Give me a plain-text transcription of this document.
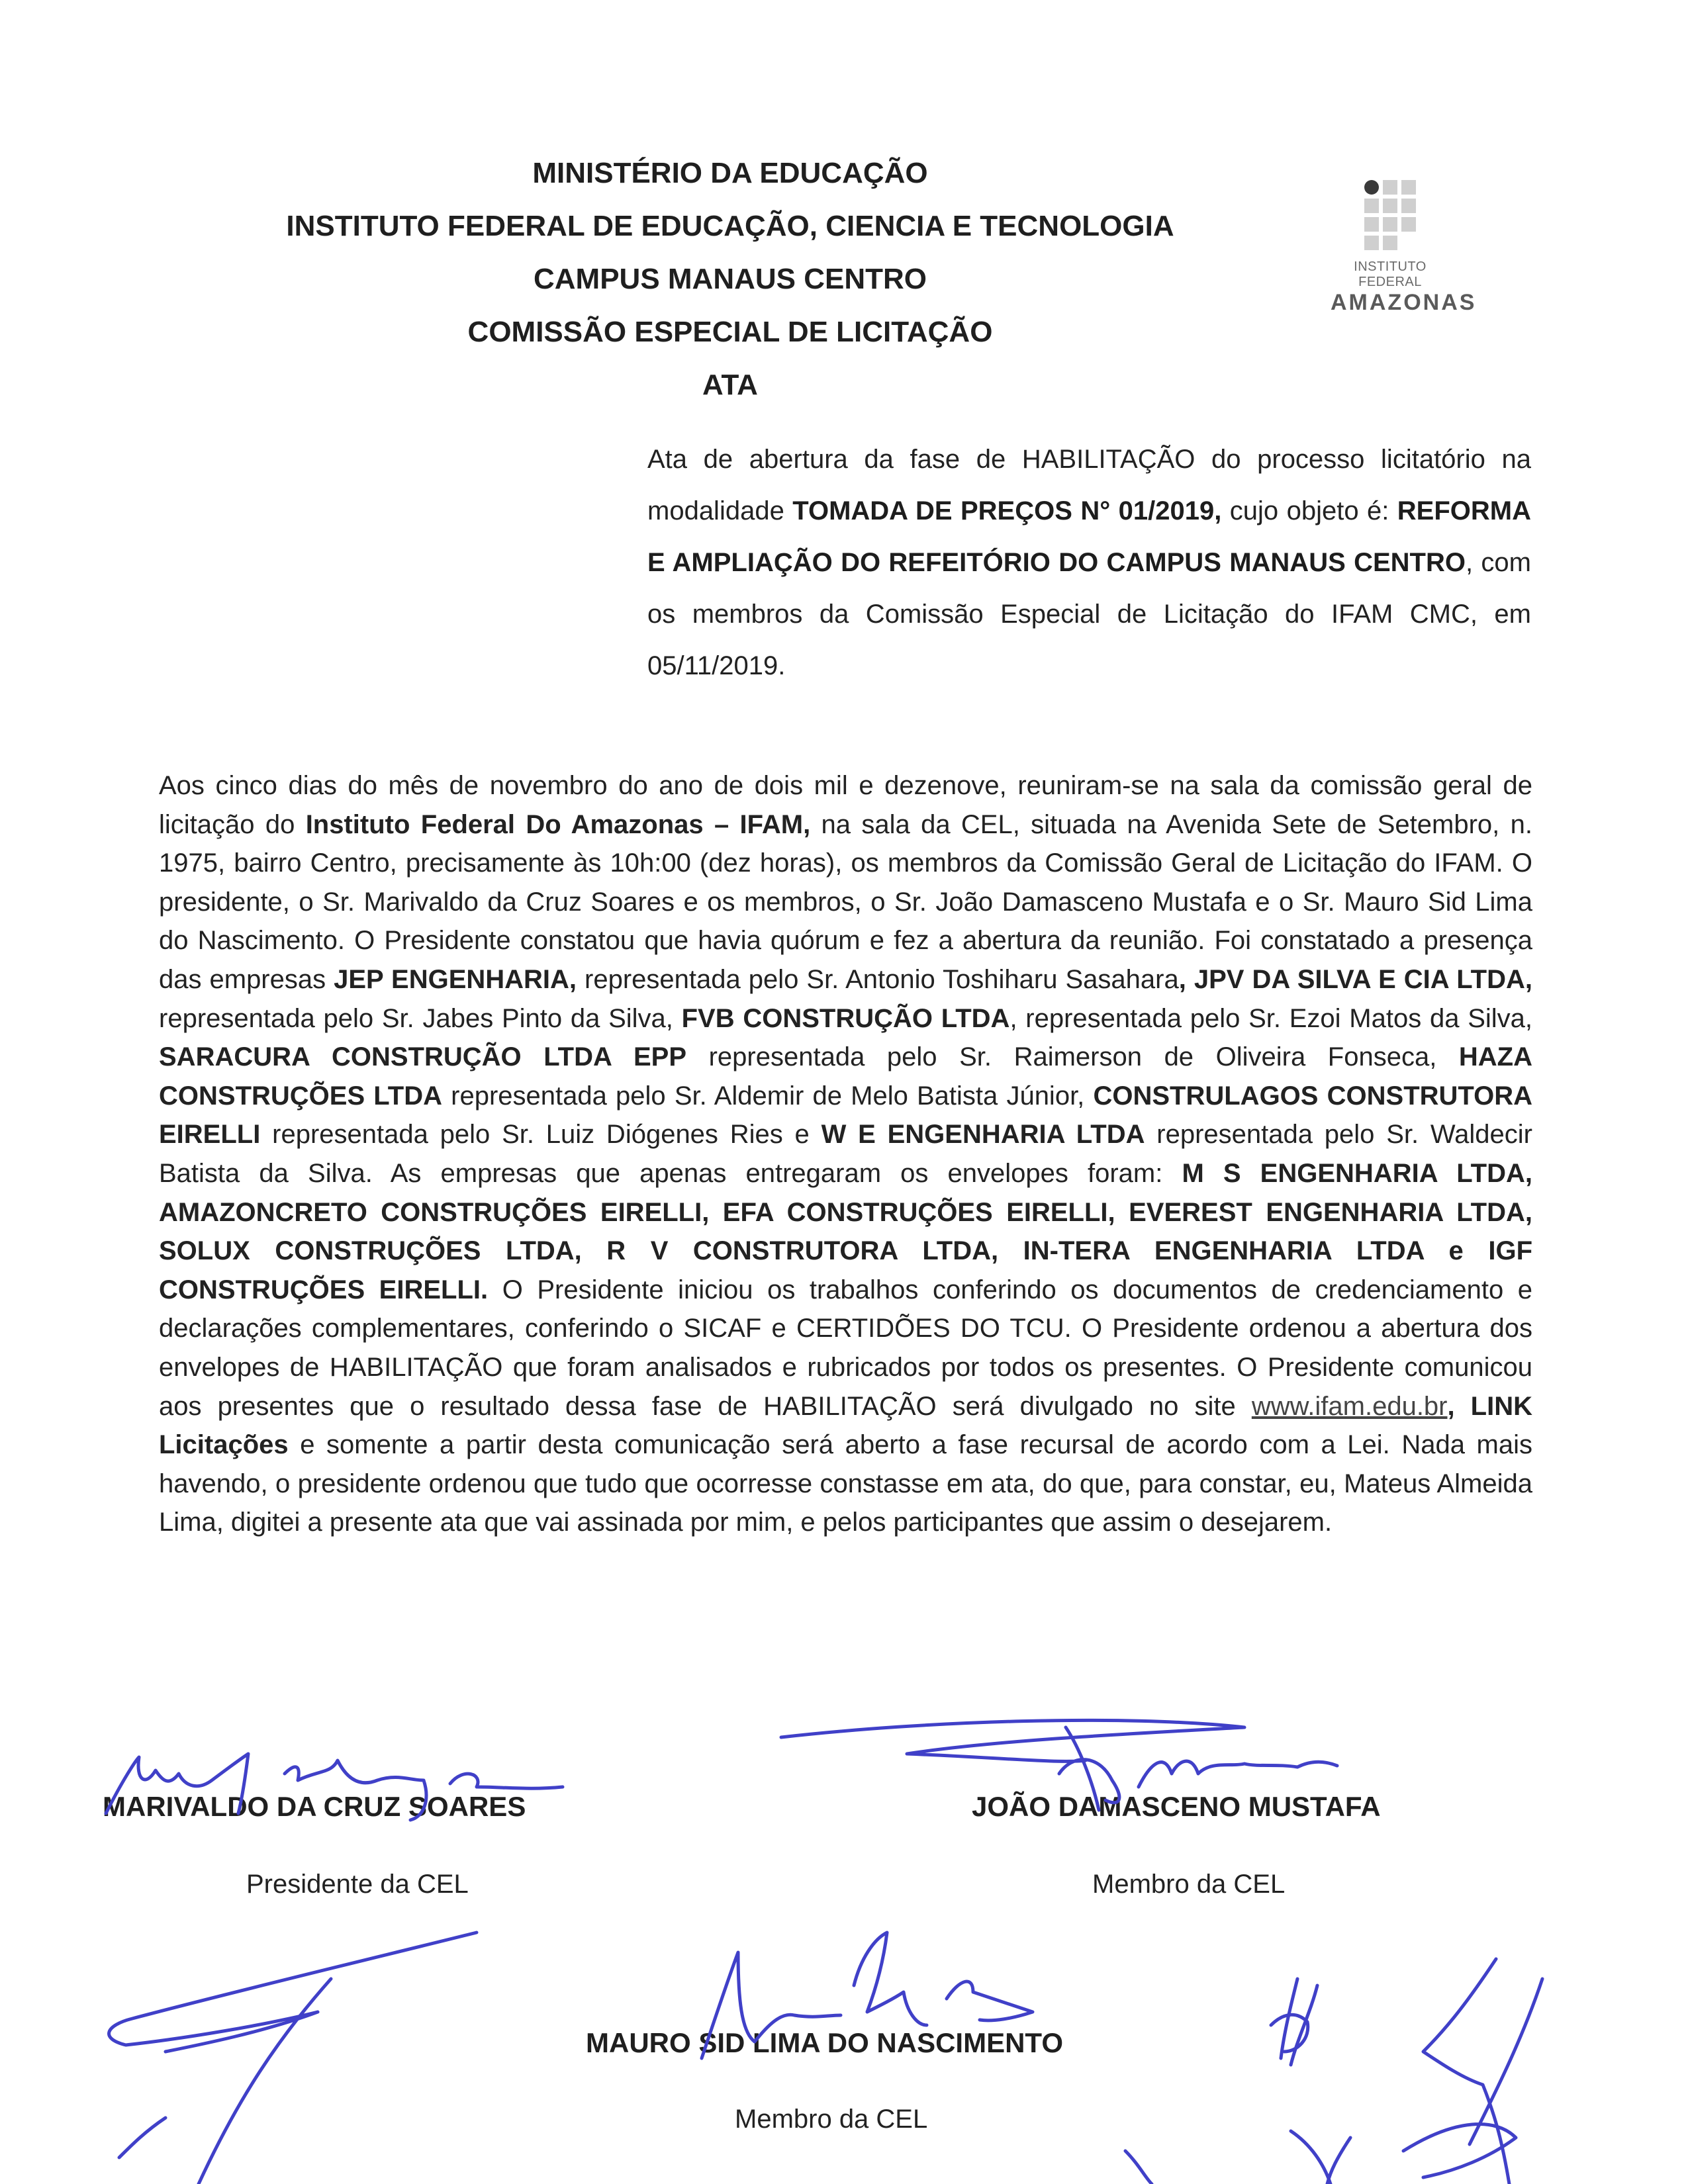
MINISTÉRIO DA EDUCAÇÃO
INSTITUTO FEDERAL DE EDUCAÇÃO, CIENCIA E TECNOLOGIA
CAMPUS MANAUS CENTRO
COMISSÃO ESPECIAL DE LICITAÇÃO
ATA
INSTITUTO FEDERAL
AMAZONAS
Ata de abertura da fase de HABILITAÇÃO do processo licitatório na modalidade TOMADA DE PREÇOS N° 01/2019, cujo objeto é: REFORMA E AMPLIAÇÃO DO REFEITÓRIO DO CAMPUS MANAUS CENTRO, com os membros da Comissão Especial de Licitação do IFAM CMC, em 05/11/2019.
Aos cinco dias do mês de novembro do ano de dois mil e dezenove, reuniram-se na sala da comissão geral de licitação do Instituto Federal Do Amazonas – IFAM, na sala da CEL, situada na Avenida Sete de Setembro, n. 1975, bairro Centro, precisamente às 10h:00 (dez horas), os membros da Comissão Geral de Licitação do IFAM. O presidente, o Sr. Marivaldo da Cruz Soares e os membros, o Sr. João Damasceno Mustafa e o Sr. Mauro Sid Lima do Nascimento. O Presidente constatou que havia quórum e fez a abertura da reunião. Foi constatado a presença das empresas JEP ENGENHARIA, representada pelo Sr. Antonio Toshiharu Sasahara, JPV DA SILVA E CIA LTDA, representada pelo Sr. Jabes Pinto da Silva, FVB CONSTRUÇÃO LTDA, representada pelo Sr. Ezoi Matos da Silva, SARACURA CONSTRUÇÃO LTDA EPP representada pelo Sr. Raimerson de Oliveira Fonseca, HAZA CONSTRUÇÕES LTDA representada pelo Sr. Aldemir de Melo Batista Júnior, CONSTRULAGOS CONSTRUTORA EIRELLI representada pelo Sr. Luiz Diógenes Ries e W E ENGENHARIA LTDA representada pelo Sr. Waldecir Batista da Silva. As empresas que apenas entregaram os envelopes foram: M S ENGENHARIA LTDA, AMAZONCRETO CONSTRUÇÕES EIRELLI, EFA CONSTRUÇÕES EIRELLI, EVEREST ENGENHARIA LTDA, SOLUX CONSTRUÇÕES LTDA, R V CONSTRUTORA LTDA, IN-TERA ENGENHARIA LTDA e IGF CONSTRUÇÕES EIRELLI. O Presidente iniciou os trabalhos conferindo os documentos de credenciamento e declarações complementares, conferindo o SICAF e CERTIDÕES DO TCU. O Presidente ordenou a abertura dos envelopes de HABILITAÇÃO que foram analisados e rubricados por todos os presentes. O Presidente comunicou aos presentes que o resultado dessa fase de HABILITAÇÃO será divulgado no site www.ifam.edu.br, LINK Licitações e somente a partir desta comunicação será aberto a fase recursal de acordo com a Lei. Nada mais havendo, o presidente ordenou que tudo que ocorresse constasse em ata, do que, para constar, eu, Mateus Almeida Lima, digitei a presente ata que vai assinada por mim, e pelos participantes que assim o desejarem.
MARIVALDO DA CRUZ SOARES
Presidente da CEL
JOÃO DAMASCENO MUSTAFA
Membro da CEL
MAURO SID LIMA DO NASCIMENTO
Membro da CEL
